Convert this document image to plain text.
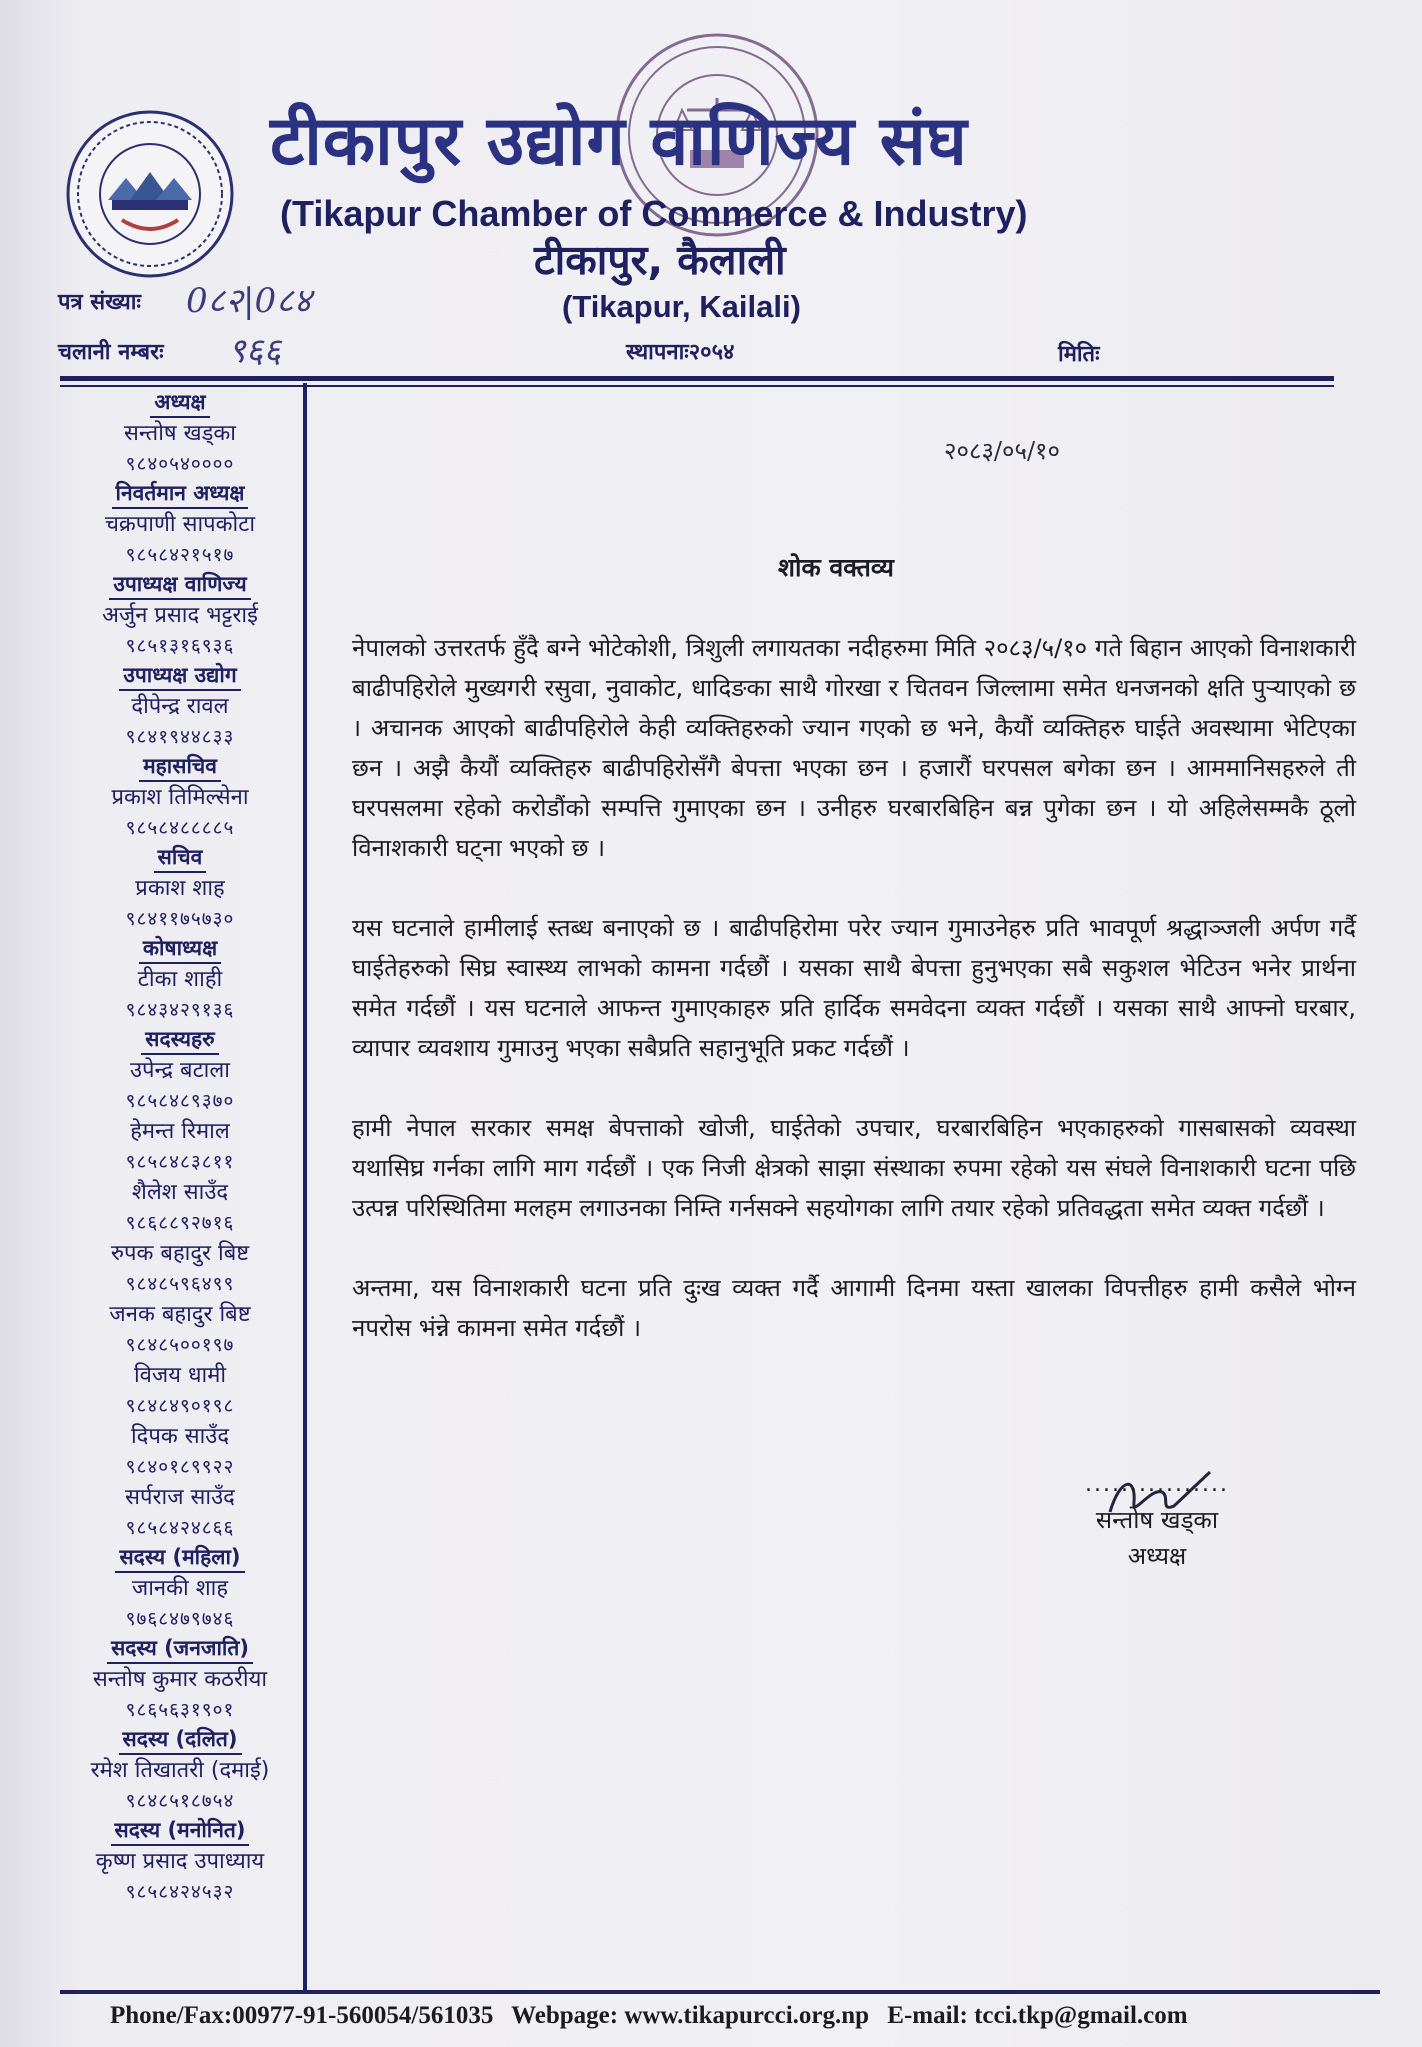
टीकापुर उद्योग वाणिज्य संघ
(Tikapur Chamber of Commerce & Industry)
टीकापुर, कैलाली
(Tikapur, Kailali)
पत्र संख्याः 0८२|0८४
चलानी नम्बरः ९६६	स्थापनाः२०५४	मितिः
अध्यक्ष
सन्तोष खड्का
९८४०५४००००
निवर्तमान अध्यक्ष
चक्रपाणी सापकोटा
९८५८४२१५१७
उपाध्यक्ष वाणिज्य
अर्जुन प्रसाद भट्टराई
९८५१३१६९३६
उपाध्यक्ष उद्योग
दीपेन्द्र रावल
९८४१९४४८३३
महासचिव
प्रकाश तिमिल्सेना
९८५८४८८८८५
सचिव
प्रकाश शाह
९८४११७५७३०
कोषाध्यक्ष
टीका शाही
९८४३४२९१३६
सदस्यहरु
उपेन्द्र बटाला
९८५८४८९३७०
हेमन्त रिमाल
९८५८४८३८११
शैलेश साउँद
९८६८८९२७१६
रुपक बहादुर बिष्ट
९८४८५९६४९९
जनक बहादुर बिष्ट
९८४८५००१९७
विजय धामी
९८४८४९०१९८
दिपक साउँद
९८४०१८९९२२
सर्पराज साउँद
९८५८४२४८६६
सदस्य (महिला)
जानकी शाह
९७६८४७९७४६
सदस्य (जनजाति)
सन्तोष कुमार कठरीया
९८६५६३१९०१
सदस्य (दलित)
रमेश तिखातरी (दमाई)
९८४८५१८७५४
सदस्य (मनोनित)
कृष्ण प्रसाद उपाध्याय
९८५८४२४५३२
२०८३/०५/१०
शोक वक्तव्य

नेपालको उत्तरतर्फ हुँदै बग्ने भोटेकोशी, त्रिशुली लगायतका नदीहरुमा मिति २०८३/५/१० गते बिहान आएको विनाशकारी बाढीपहिरोले मुख्यगरी रसुवा, नुवाकोट, धादिङका साथै गोरखा र चितवन जिल्लामा समेत धनजनको क्षति पुर्‍याएको छ । अचानक आएको बाढीपहिरोले केही व्यक्तिहरुको ज्यान गएको छ भने, कैयौं व्यक्तिहरु घाईते अवस्थामा भेटिएका छन । अझै कैयौं व्यक्तिहरु बाढीपहिरोसँगै बेपत्ता भएका छन । हजारौं घरपसल बगेका छन । आममानिसहरुले ती घरपसलमा रहेको करोडौंको सम्पत्ति गुमाएका छन । उनीहरु घरबारबिहिन बन्न पुगेका छन । यो अहिलेसम्मकै ठूलो विनाशकारी घट्ना भएको छ ।

यस घटनाले हामीलाई स्तब्ध बनाएको छ । बाढीपहिरोमा परेर ज्यान गुमाउनेहरु प्रति भावपूर्ण श्रद्धाञ्जली अर्पण गर्दै घाईतेहरुको सिघ्र स्वास्थ्य लाभको कामना गर्दछौं । यसका साथै बेपत्ता हुनुभएका सबै सकुशल भेटिउन भनेर प्रार्थना समेत गर्दछौं । यस घटनाले आफन्त गुमाएकाहरु प्रति हार्दिक समवेदना व्यक्त गर्दछौं । यसका साथै आफ्नो घरबार, व्यापार व्यवशाय गुमाउनु भएका सबैप्रति सहानुभूति प्रकट गर्दछौं ।

हामी नेपाल सरकार समक्ष बेपत्ताको खोजी, घाईतेको उपचार, घरबारबिहिन भएकाहरुको गासबासको व्यवस्था यथासिघ्र गर्नका लागि माग गर्दछौं । एक निजी क्षेत्रको साझा संस्थाका रुपमा रहेको यस संघले विनाशकारी घटना पछि उत्पन्न परिस्थितिमा मलहम लगाउनका निम्ति गर्नसक्ने सहयोगका लागि तयार रहेको प्रतिवद्धता समेत व्यक्त गर्दछौं ।

अन्तमा, यस विनाशकारी घटना प्रति दुःख व्यक्त गर्दै आगामी दिनमा यस्ता खालका विपत्तीहरु हामी कसैले भोग्न नपरोस भंन्ने कामना समेत गर्दछौं ।

................
सन्तोष खड्का
अध्यक्ष
Phone/Fax:00977-91-560054/561035 Webpage: www.tikapurcci.org.np E-mail: tcci.tkp@gmail.com
